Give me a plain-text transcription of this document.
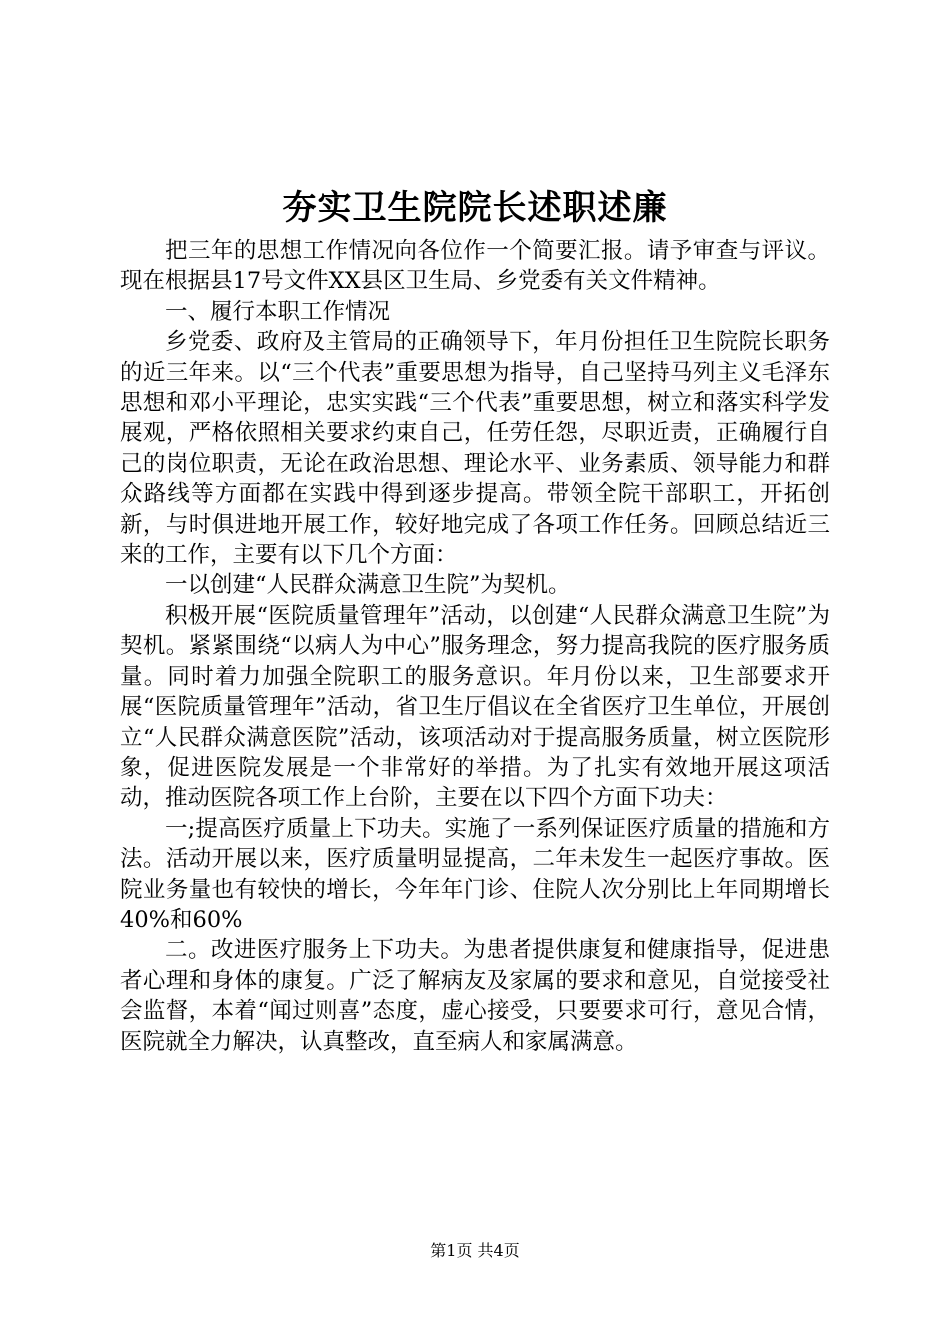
夯实卫生院院长述职述廉

把三年的思想工作情况向各位作一个简要汇报。请予审查与评议。现在根据县17号文件XX县区卫生局、乡党委有关文件精神。

一、履行本职工作情况

乡党委、政府及主管局的正确领导下，年月份担任卫生院院长职务的近三年来。以“三个代表”重要思想为指导，自己坚持马列主义毛泽东思想和邓小平理论，忠实实践“三个代表”重要思想，树立和落实科学发展观，严格依照相关要求约束自己，任劳任怨，尽职近责，正确履行自己的岗位职责，无论在政治思想、理论水平、业务素质、领导能力和群众路线等方面都在实践中得到逐步提高。带领全院干部职工，开拓创新，与时俱进地开展工作，较好地完成了各项工作任务。回顾总结近三来的工作，主要有以下几个方面：

一以创建“人民群众满意卫生院”为契机。

积极开展“医院质量管理年”活动，以创建“人民群众满意卫生院”为契机。紧紧围绕“以病人为中心”服务理念，努力提高我院的医疗服务质量。同时着力加强全院职工的服务意识。年月份以来，卫生部要求开展“医院质量管理年”活动，省卫生厅倡议在全省医疗卫生单位，开展创立“人民群众满意医院”活动，该项活动对于提高服务质量，树立医院形象，促进医院发展是一个非常好的举措。为了扎实有效地开展这项活动，推动医院各项工作上台阶，主要在以下四个方面下功夫：

一;提高医疗质量上下功夫。实施了一系列保证医疗质量的措施和方法。活动开展以来，医疗质量明显提高，二年未发生一起医疗事故。医院业务量也有较快的增长，今年年门诊、住院人次分别比上年同期增长40%和60%

二。改进医疗服务上下功夫。为患者提供康复和健康指导，促进患者心理和身体的康复。广泛了解病友及家属的要求和意见，自觉接受社会监督，本着“闻过则喜”态度，虚心接受，只要要求可行，意见合情，医院就全力解决，认真整改，直至病人和家属满意。

第1页 共4页
